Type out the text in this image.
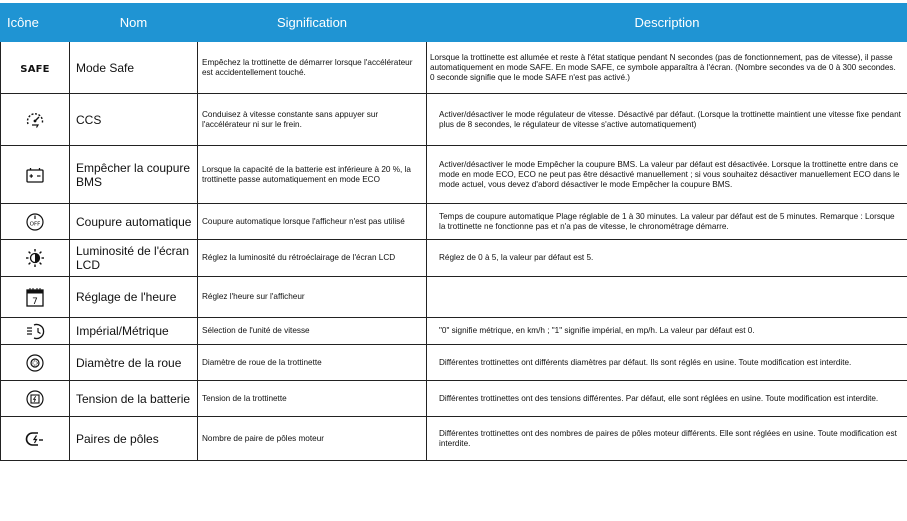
Icône	Nom	Signification	Description
SAFE	Mode Safe	Empêchez la trottinette de démarrer lorsque l'accélérateur est accidentellement touché.	Lorsque la trottinette est allumée et reste à l'état statique pendant N secondes (pas de fonctionnement, pas de vitesse), il passe automatiquement en mode SAFE. En mode SAFE, ce symbole apparaîtra à l'écran. (Nombre secondes va de 0 à 300 secondes. 0 seconde signifie que le mode SAFE n'est pas activé.)

	CCS	Conduisez à vitesse constante sans appuyer sur l'accélérateur ni sur le frein.	Activer/désactiver le mode régulateur de vitesse. Désactivé par défaut. (Lorsque la trottinette maintient une vitesse fixe pendant plus de 8 secondes, le régulateur de vitesse s'active automatiquement)

	Empêcher la coupure BMS	Lorsque la capacité de la batterie est inférieure à 20 %, la trottinette passe automatiquement en mode ECO	Activer/désactiver le mode Empêcher la coupure BMS. La valeur par défaut est désactivée. Lorsque la trottinette entre dans ce mode en mode ECO, ECO ne peut pas être désactivé manuellement ; si vous souhaitez désactiver manuellement ECO dans le mode actuel, vous devez d'abord désactiver le mode Empêcher la coupure BMS.

OFF	Coupure automatique	Coupure automatique lorsque l'afficheur n'est pas utilisé	Temps de coupure automatique Plage réglable de 1 à 30 minutes. La valeur par défaut est de 5 minutes. Remarque : Lorsque la trottinette ne fonctionne pas et n'a pas de vitesse, le chronométrage démarre.

	Luminosité de l'écran LCD	Réglez la luminosité du rétroéclairage de l'écran LCD	Réglez de 0 à 5, la valeur par défaut est 5.

7	Réglage de l'heure	Réglez l'heure sur l'afficheur	

	Impérial/Métrique	Sélection de l'unité de vitesse	"0" signifie métrique, en km/h ; "1" signifie impérial, en mp/h. La valeur par défaut est 0.

	Diamètre de la roue	Diamètre de roue de la trottinette	Différentes trottinettes ont différents diamètres par défaut. Ils sont réglés en usine. Toute modification est interdite.

	Tension de la batterie	Tension de la trottinette	Différentes trottinettes ont des tensions différentes. Par défaut, elle sont réglées en usine. Toute modification est interdite.

	Paires de pôles	Nombre de paire de pôles moteur	Différentes trottinettes ont des nombres de paires de pôles moteur différents. Elle sont réglées en usine. Toute modification est interdite.
